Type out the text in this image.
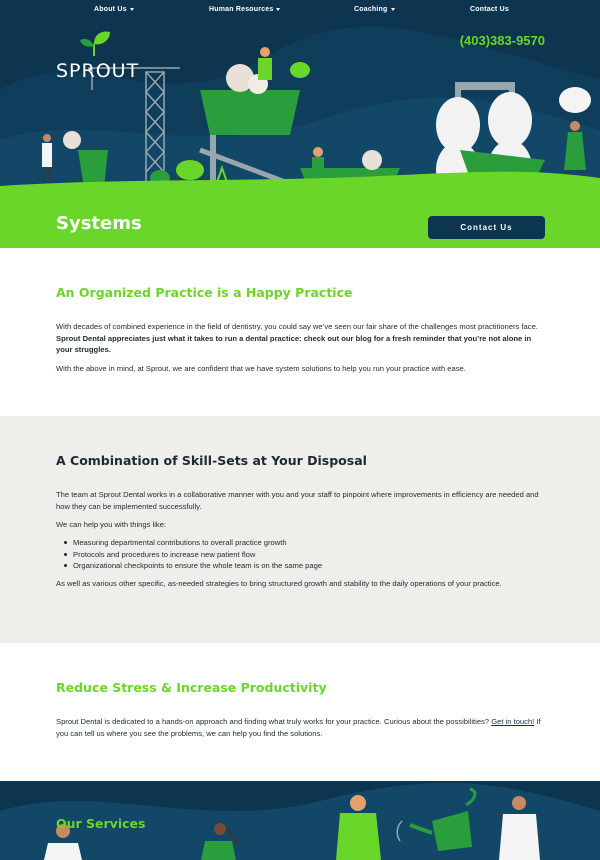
About Us	Human Resources	Coaching	Contact Us
SPROUT
(403)383-9570
Systems	Contact Us
An Organized Practice is a Happy Practice
With decades of combined experience in the field of dentistry, you could say we’ve seen our fair share of the challenges most practitioners face. Sprout Dental appreciates just what it takes to run a dental practice: check out our blog for a fresh reminder that you’re not alone in your struggles.
With the above in mind, at Sprout, we are confident that we have system solutions to help you run your practice with ease.
A Combination of Skill-Sets at Your Disposal
The team at Sprout Dental works in a collaborative manner with you and your staff to pinpoint where improvements in efficiency are needed and how they can be implemented successfully.
We can help you with things like:
Measuring departmental contributions to overall practice growth
Protocols and procedures to increase new patient flow
Organizational checkpoints to ensure the whole team is on the same page
As well as various other specific, as-needed strategies to bring structured growth and stability to the daily operations of your practice.
Reduce Stress & Increase Productivity
Sprout Dental is dedicated to a hands-on approach and finding what truly works for your practice. Curious about the possibilities? Get in touch! If you can tell us where you see the problems, we can help you find the solutions.
Our Services
